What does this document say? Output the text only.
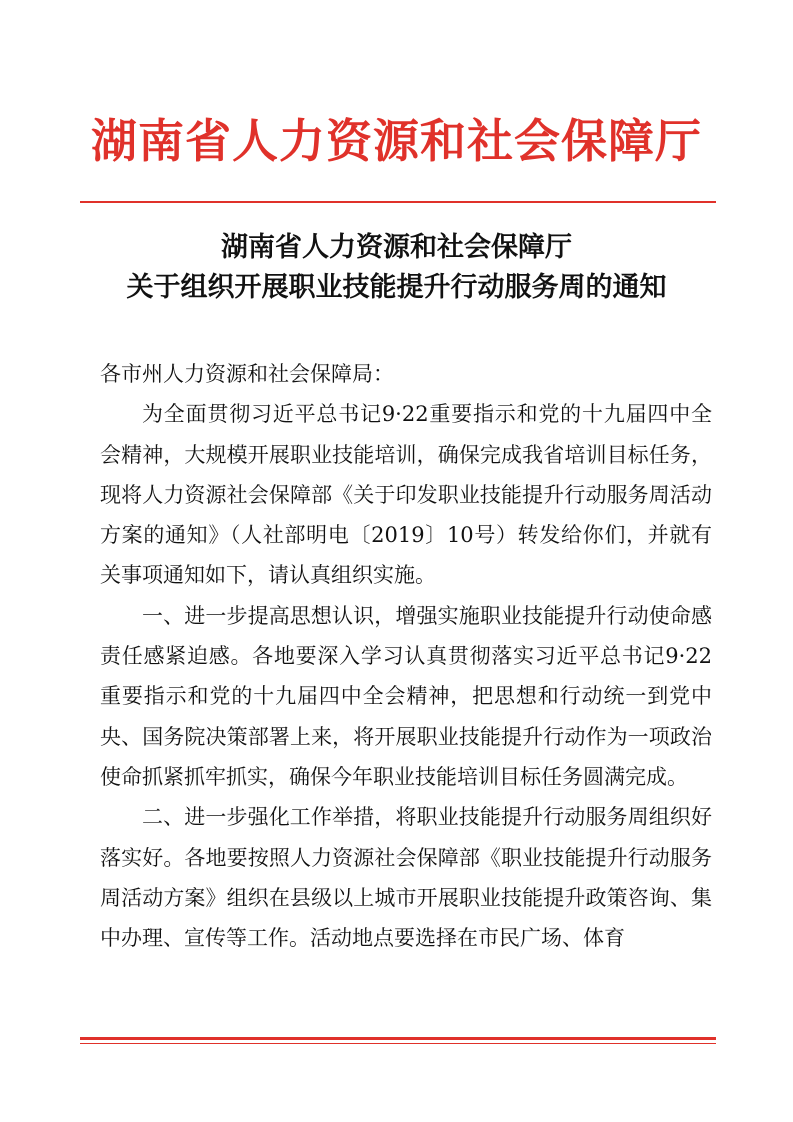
湖南省人力资源和社会保障厅
湖南省人力资源和社会保障厅
关于组织开展职业技能提升行动服务周的通知

各市州人力资源和社会保障局：

为全面贯彻习近平总书记9·22重要指示和党的十九届四中全会精神，大规模开展职业技能培训，确保完成我省培训目标任务，现将人力资源社会保障部《关于印发职业技能提升行动服务周活动方案的通知》（人社部明电〔2019〕10号）转发给你们，并就有关事项通知如下，请认真组织实施。

一、进一步提高思想认识，增强实施职业技能提升行动使命感责任感紧迫感。各地要深入学习认真贯彻落实习近平总书记9·22重要指示和党的十九届四中全会精神，把思想和行动统一到党中央、国务院决策部署上来，将开展职业技能提升行动作为一项政治使命抓紧抓牢抓实，确保今年职业技能培训目标任务圆满完成。

二、进一步强化工作举措，将职业技能提升行动服务周组织好落实好。各地要按照人力资源社会保障部《职业技能提升行动服务周活动方案》组织在县级以上城市开展职业技能提升政策咨询、集中办理、宣传等工作。活动地点要选择在市民广场、体育
